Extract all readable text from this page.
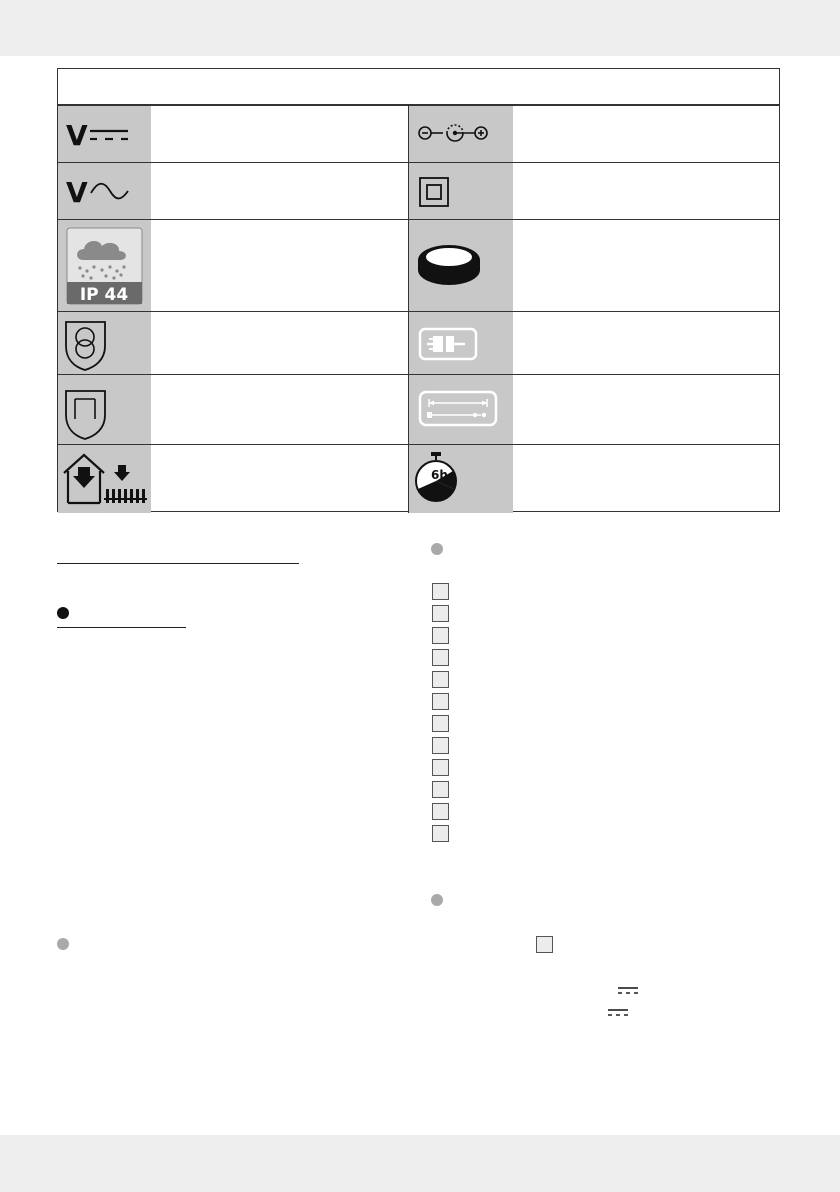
V
V
IP 44
6h
